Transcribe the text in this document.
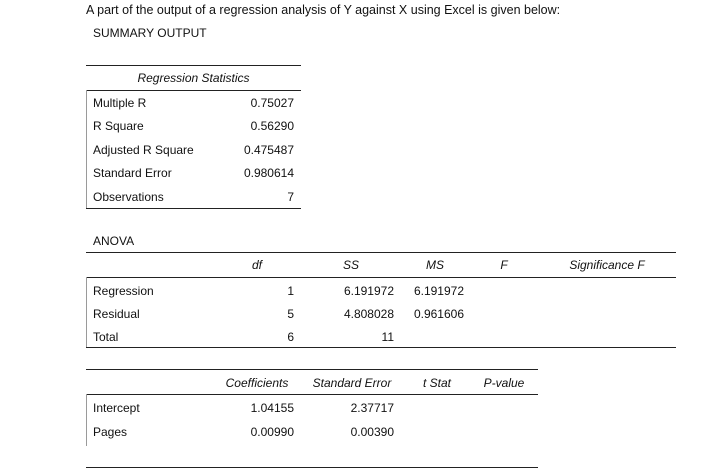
A part of the output of a regression analysis of Y against X using Excel is given below:
SUMMARY OUTPUT
Regression Statistics
Multiple R	0.75027
R Square	0.56290
Adjusted R Square	0.475487
Standard Error	0.980614
Observations	7
ANOVA
df	SS	MS	F	Significance F
Regression	1	6.191972	6.191972
Residual	5	4.808028	0.961606
Total	6	11
Coefficients	Standard Error	t Stat	P-value
Intercept	1.04155	2.37717
Pages	0.00990	0.00390
